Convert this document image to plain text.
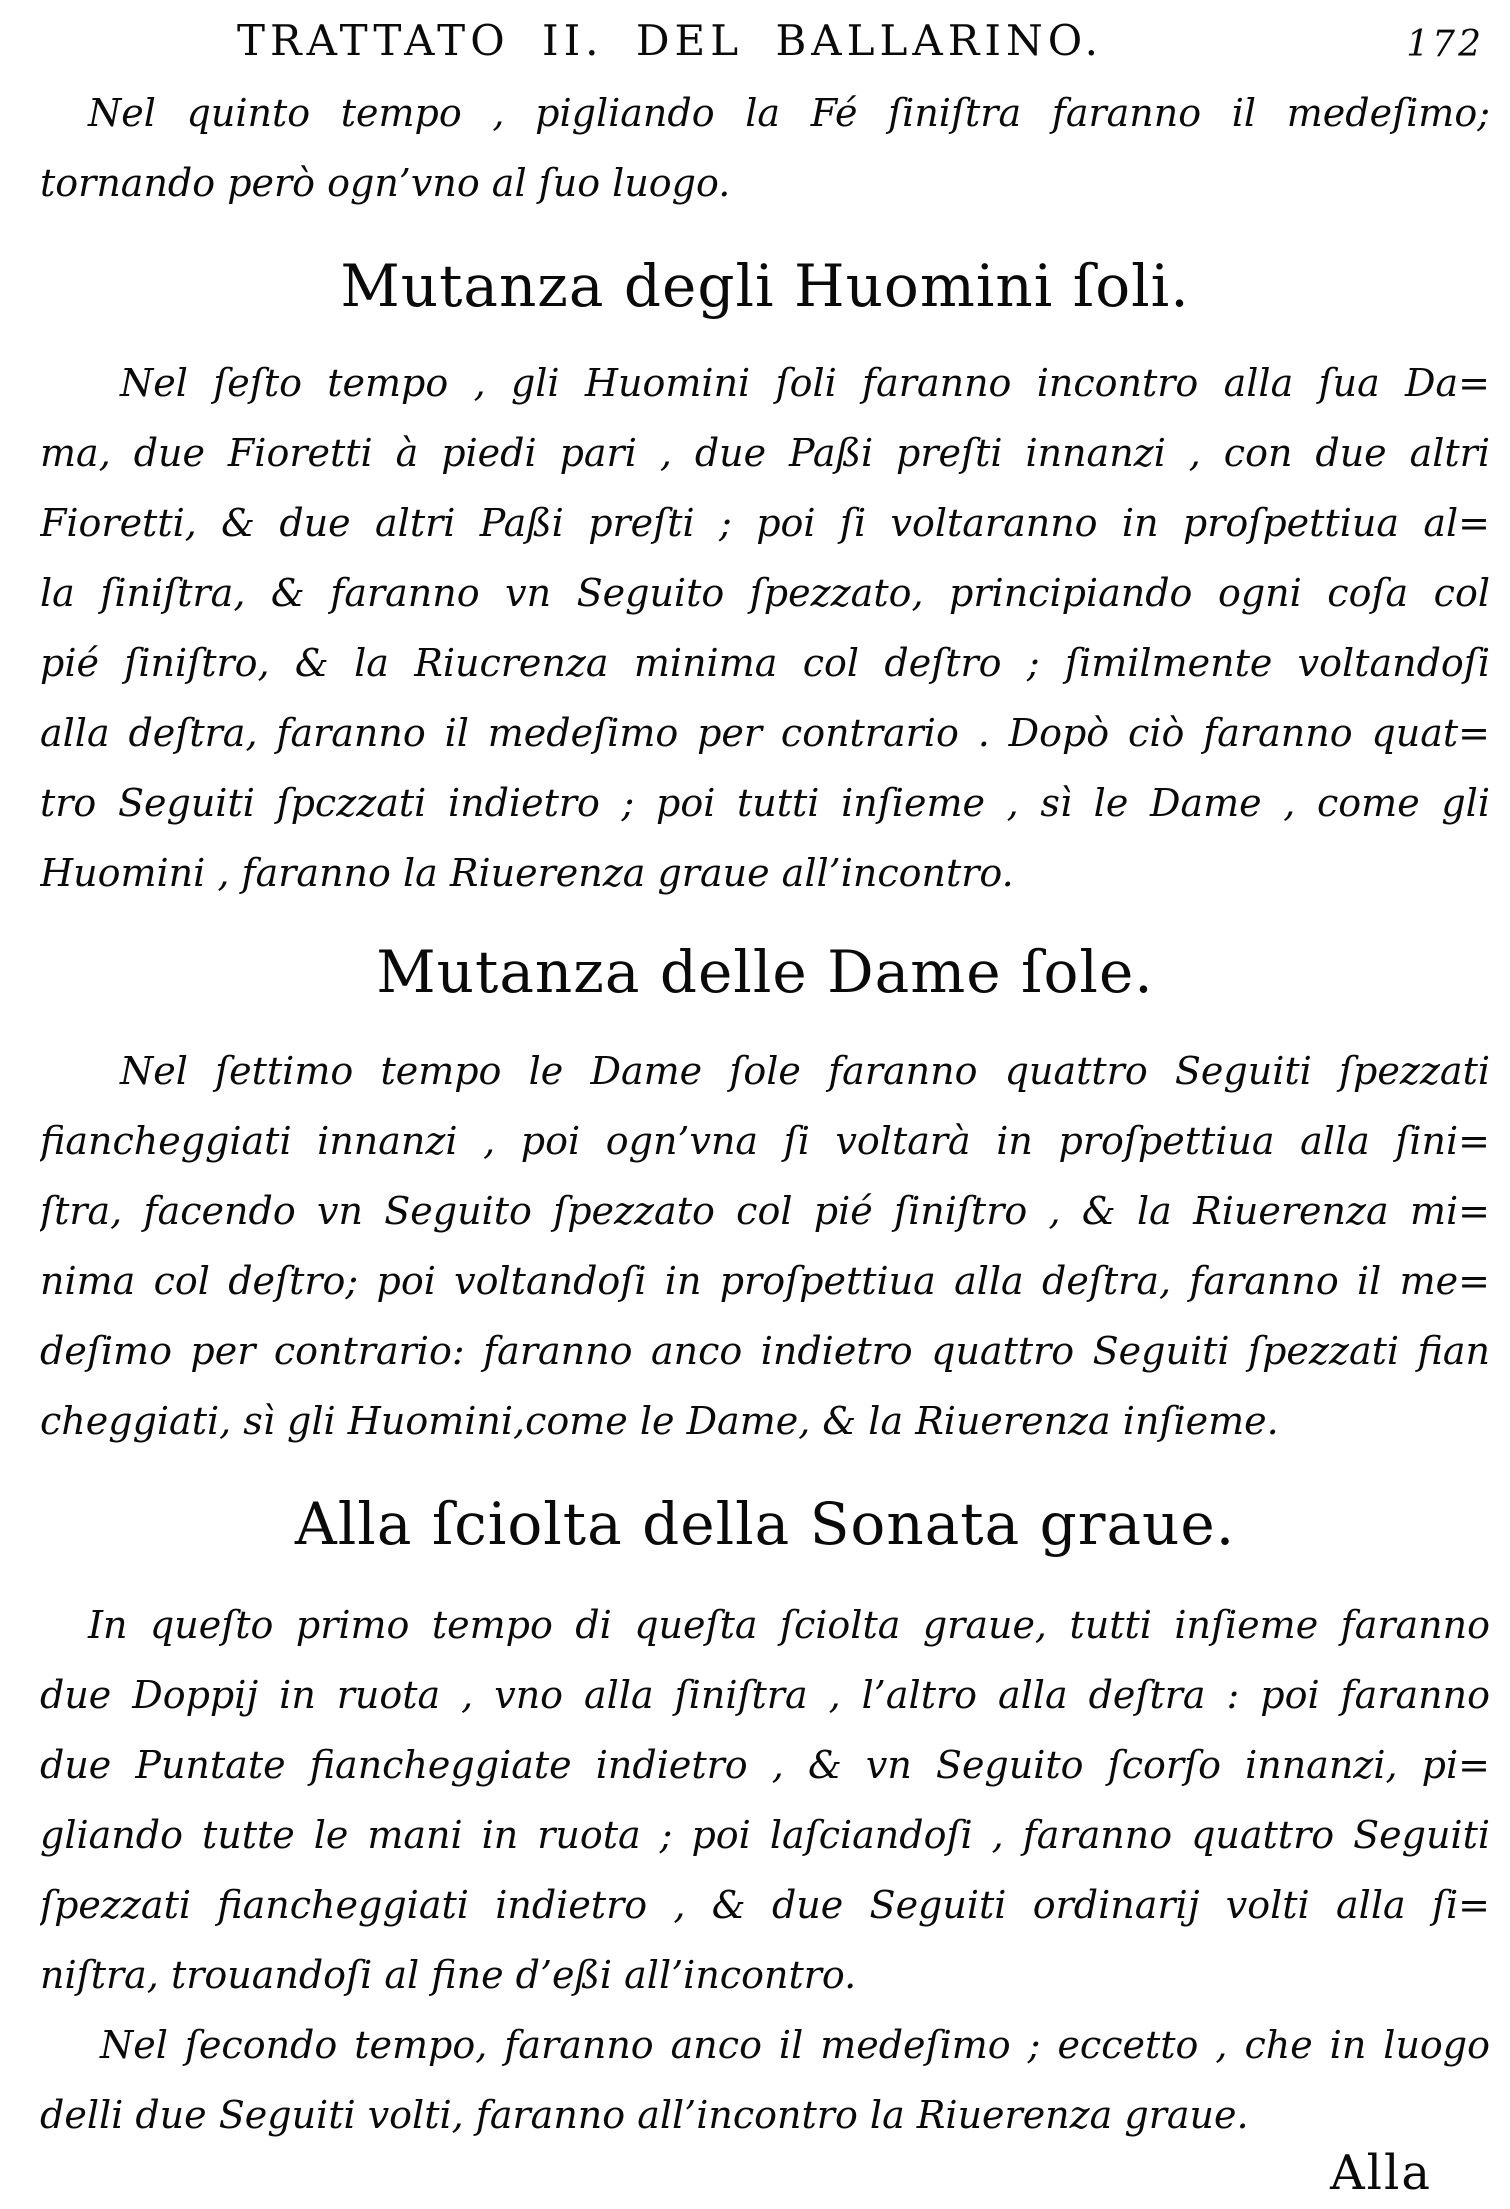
TRATTATO II. DEL BALLARINO.	172
Nel quinto tempo , pigliando la Fé ſiniſtra faranno il medeſimo;
tornando però ogn’vno al ſuo luogo.
Mutanza degli Huomini ſoli.
Nel ſeſto tempo , gli Huomini ſoli faranno incontro alla ſua Da=
ma, due Fioretti à piedi pari , due Paßi preſti innanzi , con due altri
Fioretti, & due altri Paßi preſti ; poi ſi voltaranno in proſpettiua al=
la ſiniſtra, & faranno vn Seguito ſpezzato, principiando ogni coſa col
pié ſiniſtro, & la Riucrenza minima col deſtro ; ſimilmente voltandoſi
alla deſtra, faranno il medeſimo per contrario . Dopò ciò faranno quat=
tro Seguiti ſpczzati indietro ; poi tutti inſieme , sì le Dame , come gli
Huomini , faranno la Riuerenza graue all’incontro.
Mutanza delle Dame ſole.
Nel ſettimo tempo le Dame ſole faranno quattro Seguiti ſpezzati
fiancheggiati innanzi , poi ogn’vna ſi voltarà in proſpettiua alla ſini=
ſtra, facendo vn Seguito ſpezzato col pié ſiniſtro , & la Riuerenza mi=
nima col deſtro; poi voltandoſi in proſpettiua alla deſtra, faranno il me=
deſimo per contrario: faranno anco indietro quattro Seguiti ſpezzati fian
cheggiati, sì gli Huomini,come le Dame, & la Riuerenza inſieme.
Alla ſciolta della Sonata graue.
In queſto primo tempo di queſta ſciolta graue, tutti inſieme faranno
due Doppij in ruota , vno alla ſiniſtra , l’altro alla deſtra : poi faranno
due Puntate fiancheggiate indietro , & vn Seguito ſcorſo innanzi, pi=
gliando tutte le mani in ruota ; poi laſciandoſi , faranno quattro Seguiti
ſpezzati fiancheggiati indietro , & due Seguiti ordinarij volti alla ſi=
niſtra, trouandoſi al fine d’eßi all’incontro.
Nel ſecondo tempo, faranno anco il medeſimo ; eccetto , che in luogo
delli due Seguiti volti, faranno all’incontro la Riuerenza graue.
Alla
